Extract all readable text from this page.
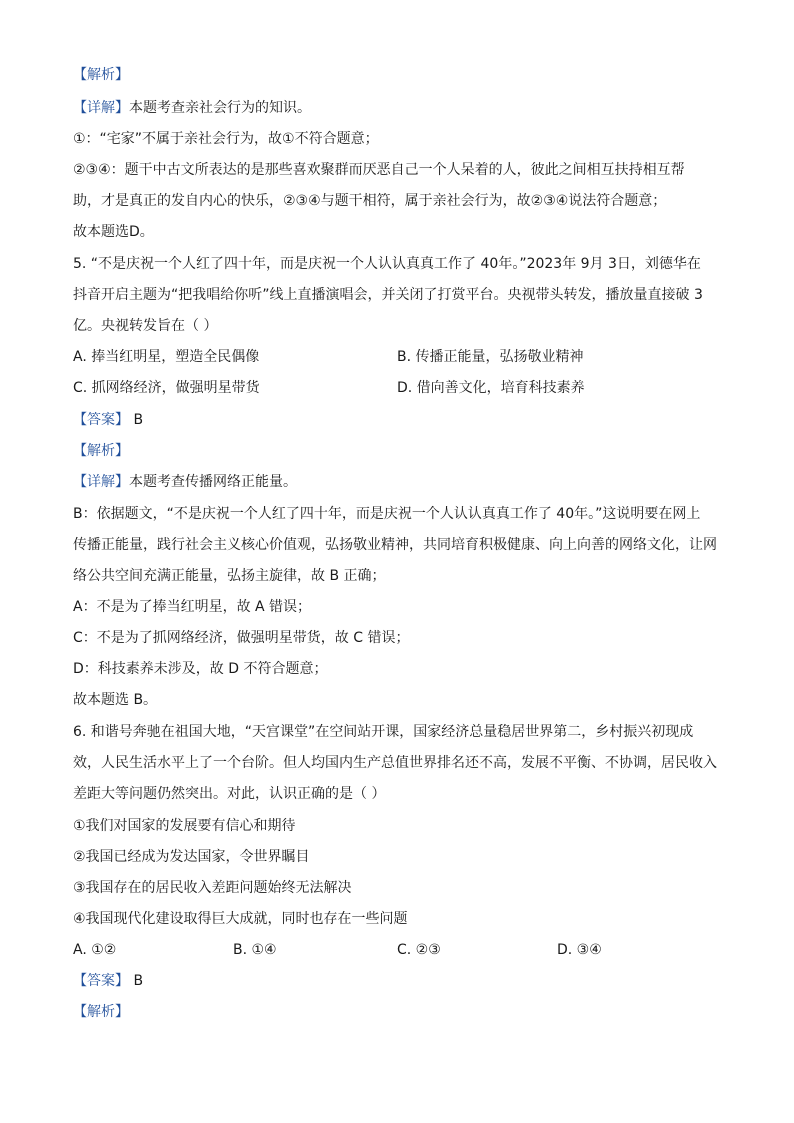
【解析】
【详解】本题考查亲社会行为的知识。
①：“宅家”不属于亲社会行为，故①不符合题意；
②③④：题干中古文所表达的是那些喜欢聚群而厌恶自己一个人呆着的人，彼此之间相互扶持相互帮
助，才是真正的发自内心的快乐，②③④与题干相符，属于亲社会行为，故②③④说法符合题意；
故本题选D。
5. “不是庆祝一个人红了四十年，而是庆祝一个人认认真真工作了 40年。”2023年 9月 3日，刘德华在
抖音开启主题为“把我唱给你听”线上直播演唱会，并关闭了打赏平台。央视带头转发，播放量直接破 3
亿。央视转发旨在（ ）
A. 捧当红明星，塑造全民偶像	B. 传播正能量，弘扬敬业精神
C. 抓网络经济，做强明星带货	D. 借向善文化，培育科技素养
【答案】 B
【解析】
【详解】本题考查传播网络正能量。
B：依据题文，“不是庆祝一个人红了四十年，而是庆祝一个人认认真真工作了 40年。”这说明要在网上
传播正能量，践行社会主义核心价值观，弘扬敬业精神，共同培育积极健康、向上向善的网络文化，让网
络公共空间充满正能量，弘扬主旋律，故 B 正确；
A：不是为了捧当红明星，故 A 错误；
C：不是为了抓网络经济，做强明星带货，故 C 错误；
D：科技素养未涉及，故 D 不符合题意；
故本题选 B。
6. 和谐号奔驰在祖国大地，“天宫课堂”在空间站开课，国家经济总量稳居世界第二，乡村振兴初现成
效，人民生活水平上了一个台阶。但人均国内生产总值世界排名还不高，发展不平衡、不协调，居民收入
差距大等问题仍然突出。对此，认识正确的是（ ）
①我们对国家的发展要有信心和期待
②我国已经成为发达国家，令世界瞩目
③我国存在的居民收入差距问题始终无法解决
④我国现代化建设取得巨大成就，同时也存在一些问题
A. ①②	B. ①④	C. ②③	D. ③④
【答案】 B
【解析】
